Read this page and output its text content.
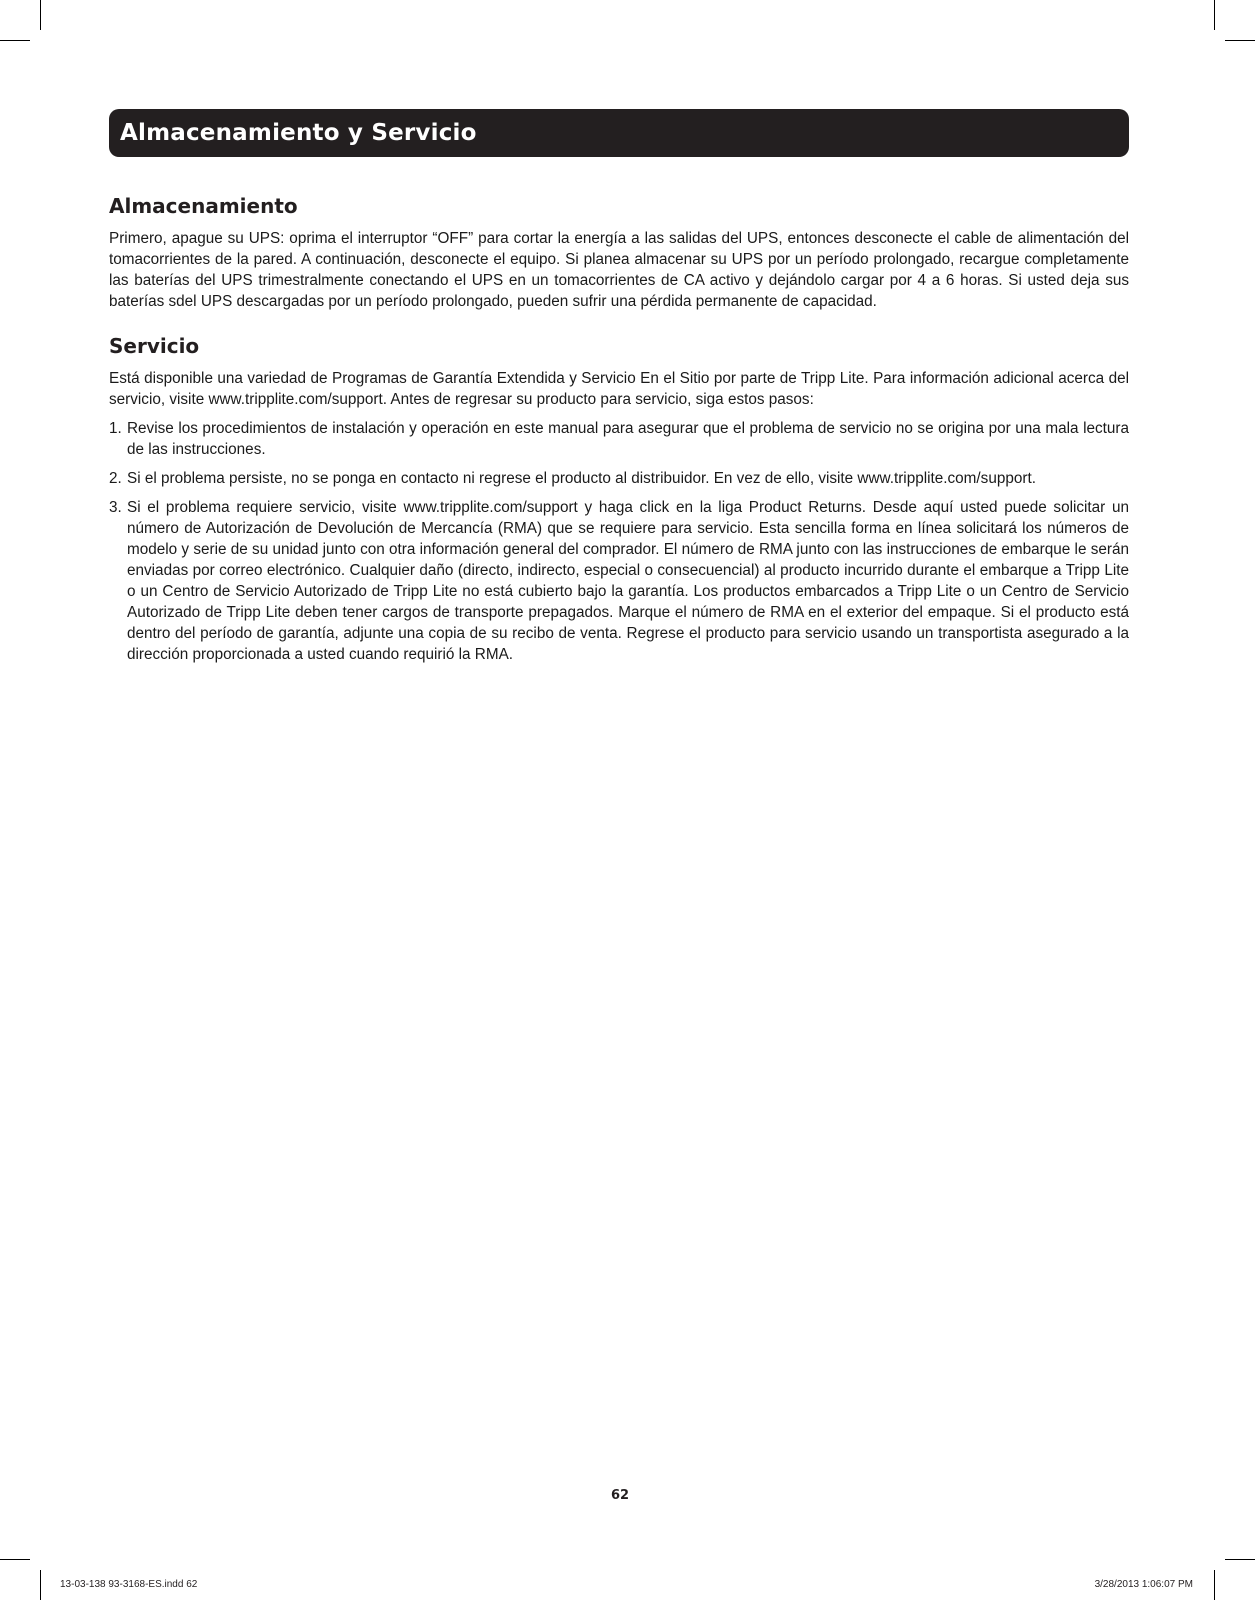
Almacenamiento y Servicio
Almacenamiento

Primero, apague su UPS: oprima el interruptor “OFF” para cortar la energía a las salidas del UPS, entonces desconecte el cable de alimentación del tomacorrientes de la pared. A continuación, desconecte el equipo. Si planea almacenar su UPS por un período prolongado, recargue completamente las baterías del UPS trimestralmente conectando el UPS en un tomacorrientes de CA activo y dejándolo cargar por 4 a 6 horas. Si usted deja sus baterías sdel UPS descargadas por un período prolongado, pueden sufrir una pérdida permanente de capacidad.

Servicio

Está disponible una variedad de Programas de Garantía Extendida y Servicio En el Sitio por parte de Tripp Lite. Para información adicional acerca del servicio, visite www.tripplite.com/support. Antes de regresar su producto para servicio, siga estos pasos:

1. Revise los procedimientos de instalación y operación en este manual para asegurar que el problema de servicio no se origina por una mala lectura de las instrucciones.
2. Si el problema persiste, no se ponga en contacto ni regrese el producto al distribuidor. En vez de ello, visite www.tripplite.com/support.
3. Si el problema requiere servicio, visite www.tripplite.com/support y haga click en la liga Product Returns. Desde aquí usted puede solicitar un número de Autorización de Devolución de Mercancía (RMA) que se requiere para servicio. Esta sencilla forma en línea solicitará los números de modelo y serie de su unidad junto con otra información general del comprador. El número de RMA junto con las instrucciones de embarque le serán enviadas por correo electrónico. Cualquier daño (directo, indirecto, especial o consecuencial) al producto incurrido durante el embarque a Tripp Lite o un Centro de Servicio Autorizado de Tripp Lite no está cubierto bajo la garantía. Los productos embarcados a Tripp Lite o un Centro de Servicio Autorizado de Tripp Lite deben tener cargos de transporte prepagados. Marque el número de RMA en el exterior del empaque. Si el producto está dentro del período de garantía, adjunte una copia de su recibo de venta. Regrese el producto para servicio usando un transportista asegurado a la dirección proporcionada a usted cuando requirió la RMA.
62
13-03-138 93-3168-ES.indd 62	3/28/2013 1:06:07 PM
